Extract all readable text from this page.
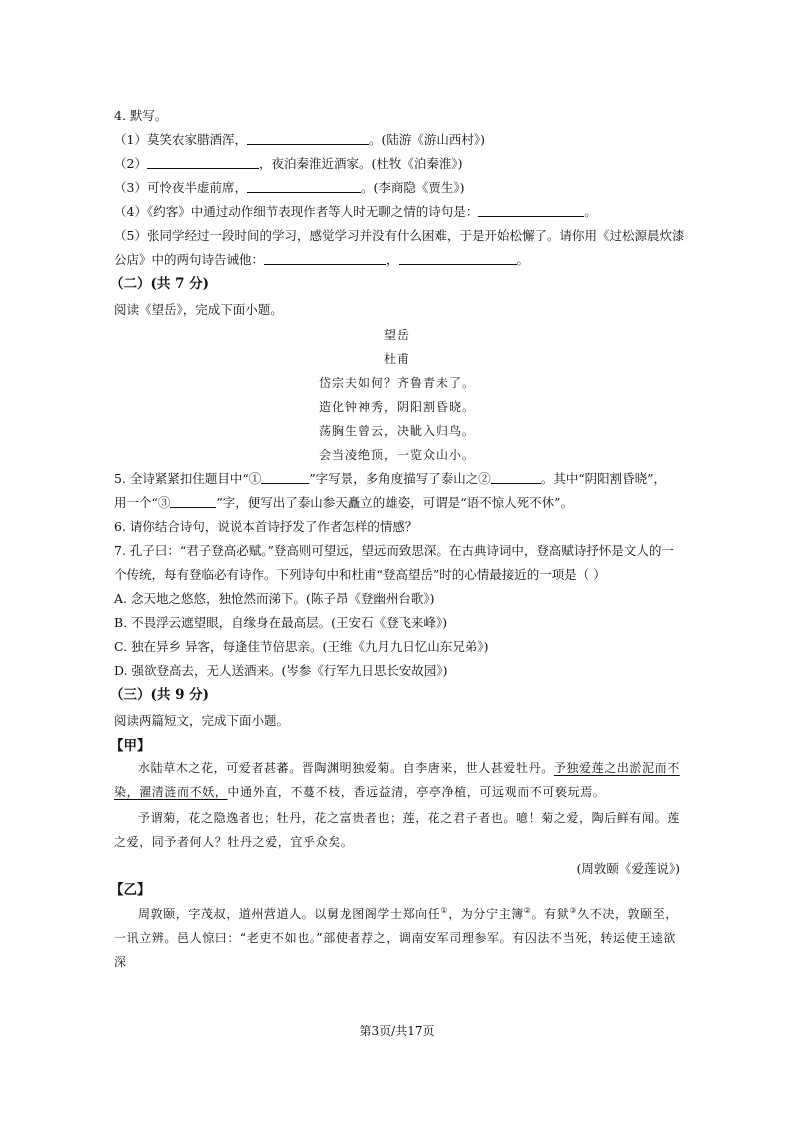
4. 默写。
（1）莫笑农家腊酒浑，	。(陆游《游山西村》)
（2）	，夜泊秦淮近酒家。(杜牧《泊秦淮》)
（3）可怜夜半虚前席，	。(李商隐《贾生》)
（4）《约客》中通过动作细节表现作者等人时无聊之情的诗句是：	。
（5）张同学经过一段时间的学习，感觉学习并没有什么困难，于是开始松懈了。请你用《过松源晨炊漆
公店》中的两句诗告诫他：	，	。
（二）(共 7 分)
阅读《望岳》，完成下面小题。
望岳
杜甫
岱宗夫如何？齐鲁青未了。
造化钟神秀，阴阳割昏晓。
荡胸生曾云，决眦入归鸟。
会当凌绝顶，一览众山小。
5. 全诗紧紧扣住题目中“①	”字写景，多角度描写了泰山之②	。其中“阴阳割昏晓”，
用一个“③	”字，便写出了泰山参天矗立的雄姿，可谓是“语不惊人死不休”。
6. 请你结合诗句，说说本首诗抒发了作者怎样的情感？
7. 孔子曰：“君子登高必赋。”登高则可望远，望远而致思深。在古典诗词中，登高赋诗抒怀是文人的一
个传统，每有登临必有诗作。下列诗句中和杜甫“登高望岳”时的心情最接近的一项是（ ）
A. 念天地之悠悠，独怆然而涕下。(陈子昂《登幽州台歌》)
B. 不畏浮云遮望眼，自缘身在最高层。(王安石《登飞来峰》)
C. 独在异乡 异客，每逢佳节倍思亲。(王维《九月九日忆山东兄弟》)
D. 强欲登高去，无人送酒来。(岑参《行军九日思长安故园》)
（三）(共 9 分)
阅读两篇短文，完成下面小题。
【甲】
水陆草木之花，可爱者甚蕃。晋陶渊明独爱菊。自李唐来，世人甚爱牡丹。予独爱莲之出淤泥而不染，濯清涟而不妖，中通外直，不蔓不枝，香远益清，亭亭净植，可远观而不可亵玩焉。
予谓菊，花之隐逸者也；牡丹，花之富贵者也；莲，花之君子者也。噫！菊之爱，陶后鲜有闻。莲之爱，同予者何人？牡丹之爱，宜乎众矣。
(周敦颐《爱莲说》)
【乙】
周敦颐，字茂叔，道州营道人。以舅龙图阁学士郑向任①，为分宁主簿②。有狱③久不决，敦颐至，一讯立辨。邑人惊曰：“老吏不如也。”部使者荐之，调南安军司理参军。有囚法不当死，转运使王逵欲深
第3页/共17页
